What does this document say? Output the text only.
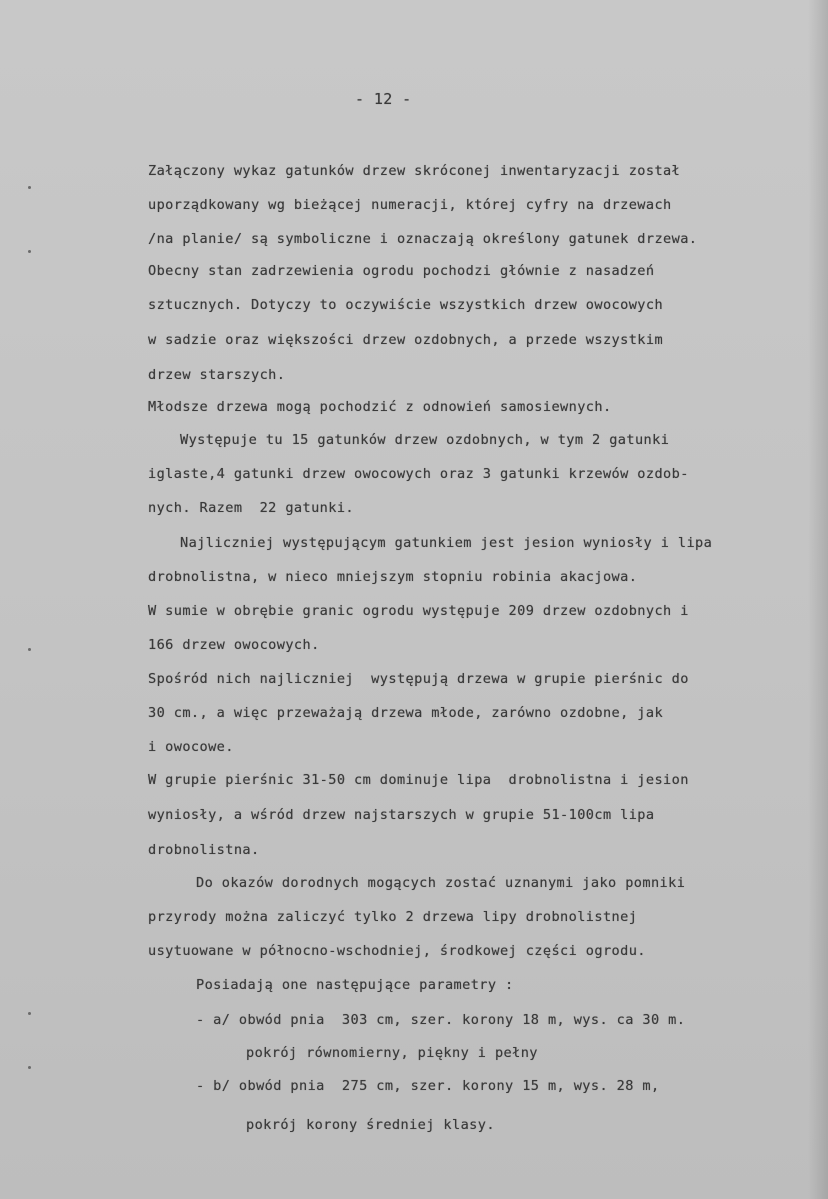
- 12 -
Załączony wykaz gatunków drzew skróconej inwentaryzacji został
uporządkowany wg bieżącej numeracji, której cyfry na drzewach
/na planie/ są symboliczne i oznaczają określony gatunek drzewa.
Obecny stan zadrzewienia ogrodu pochodzi głównie z nasadzeń
sztucznych. Dotyczy to oczywiście wszystkich drzew owocowych
w sadzie oraz większości drzew ozdobnych, a przede wszystkim
drzew starszych.
Młodsze drzewa mogą pochodzić z odnowień samosiewnych.
Występuje tu 15 gatunków drzew ozdobnych, w tym 2 gatunki
iglaste,4 gatunki drzew owocowych oraz 3 gatunki krzewów ozdob-
nych. Razem  22 gatunki.
Najliczniej występującym gatunkiem jest jesion wyniosły i lipa
drobnolistna, w nieco mniejszym stopniu robinia akacjowa.
W sumie w obrębie granic ogrodu występuje 209 drzew ozdobnych i
166 drzew owocowych.
Spośród nich najliczniej  występują drzewa w grupie pierśnic do
30 cm., a więc przeważają drzewa młode, zarówno ozdobne, jak
i owocowe.
W grupie pierśnic 31-50 cm dominuje lipa  drobnolistna i jesion
wyniosły, a wśród drzew najstarszych w grupie 51-100cm lipa
drobnolistna.
Do okazów dorodnych mogących zostać uznanymi jako pomniki
przyrody można zaliczyć tylko 2 drzewa lipy drobnolistnej
usytuowane w północno-wschodniej, środkowej części ogrodu.
Posiadają one następujące parametry :
- a/ obwód pnia  303 cm, szer. korony 18 m, wys. ca 30 m.
pokrój równomierny, piękny i pełny
- b/ obwód pnia  275 cm, szer. korony 15 m, wys. 28 m,
pokrój korony średniej klasy.
